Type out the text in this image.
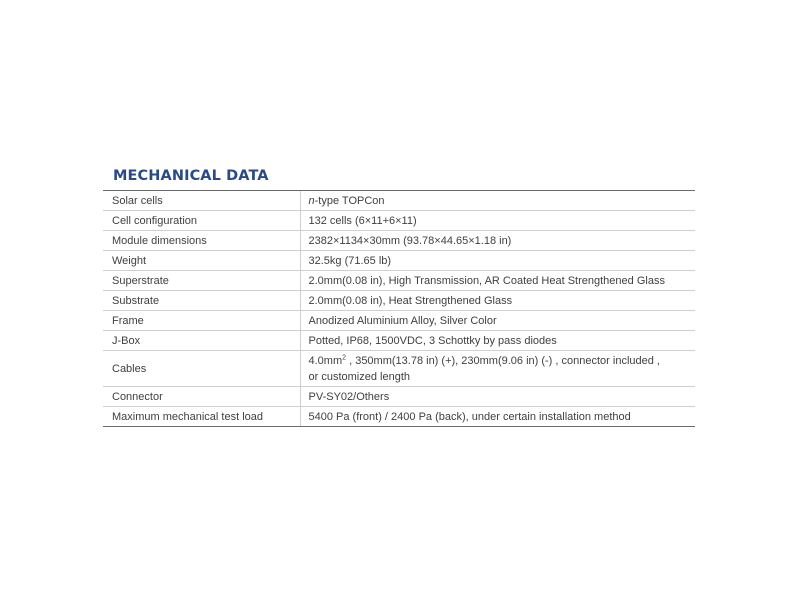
MECHANICAL DATA
Solar cells	n-type TOPCon
Cell configuration	132 cells (6×11+6×11)
Module dimensions	2382×1134×30mm (93.78×44.65×1.18 in)
Weight	32.5kg (71.65 lb)
Superstrate	2.0mm(0.08 in), High Transmission, AR Coated Heat Strengthened Glass
Substrate	2.0mm(0.08 in), Heat Strengthened Glass
Frame	Anodized Aluminium Alloy, Silver Color
J-Box	Potted, IP68, 1500VDC, 3 Schottky by pass diodes
Cables	$4.0mm^2$ , 350mm(13.78 in) (+), 230mm(9.06 in) (-) , connector included ,
or customized length

Connector	PV-SY02/Others
Maximum mechanical test load	5400 Pa (front) / 2400 Pa (back), under certain installation method
